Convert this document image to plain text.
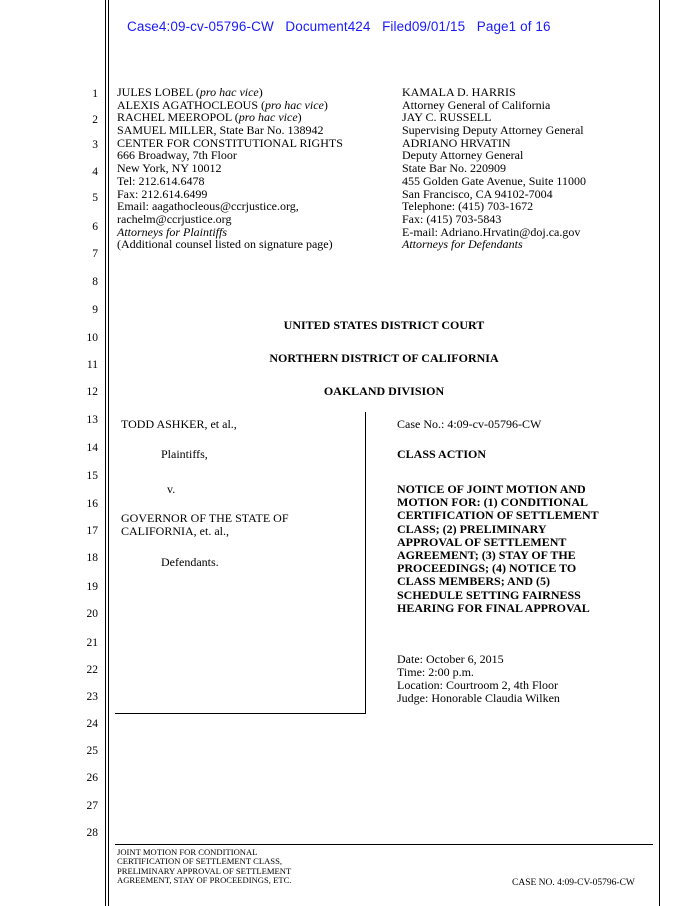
Case4:09-cv-05796-CW   Document424   Filed09/01/15   Page1 of 16
1
2
3
4
5
6
7
8
9
10
11
12
13
14
15
16
17
18
19
20
21
22
23
24
25
26
27
28
JULES LOBEL (pro hac vice)
ALEXIS AGATHOCLEOUS (pro hac vice)
RACHEL MEEROPOL (pro hac vice)
SAMUEL MILLER, State Bar No. 138942
CENTER FOR CONSTITUTIONAL RIGHTS
666 Broadway, 7th Floor
New York, NY 10012
Tel: 212.614.6478
Fax: 212.614.6499
Email: aagathocleous@ccrjustice.org,
rachelm@ccrjustice.org
Attorneys for Plaintiffs
(Additional counsel listed on signature page)
KAMALA D. HARRIS
Attorney General of California
JAY C. RUSSELL
Supervising Deputy Attorney General
ADRIANO HRVATIN
Deputy Attorney General
State Bar No. 220909
455 Golden Gate Avenue, Suite 11000
San Francisco, CA 94102-7004
Telephone: (415) 703-1672
Fax: (415) 703-5843
E-mail: Adriano.Hrvatin@doj.ca.gov
Attorneys for Defendants
UNITED STATES DISTRICT COURT
NORTHERN DISTRICT OF CALIFORNIA
OAKLAND DIVISION
TODD ASHKER, et al.,
Plaintiffs,
v.
GOVERNOR OF THE STATE OF
CALIFORNIA, et. al.,
Defendants.
Case No.: 4:09-cv-05796-CW
CLASS ACTION
NOTICE OF JOINT MOTION AND
MOTION FOR: (1) CONDITIONAL
CERTIFICATION OF SETTLEMENT
CLASS; (2) PRELIMINARY
APPROVAL OF SETTLEMENT
AGREEMENT; (3) STAY OF THE
PROCEEDINGS; (4) NOTICE TO
CLASS MEMBERS; AND (5)
SCHEDULE SETTING FAIRNESS
HEARING FOR FINAL APPROVAL
Date: October 6, 2015
Time: 2:00 p.m.
Location: Courtroom 2, 4th Floor
Judge: Honorable Claudia Wilken
JOINT MOTION FOR CONDITIONAL
CERTIFICATION OF SETTLEMENT CLASS,
PRELIMINARY APPROVAL OF SETTLEMENT
AGREEMENT, STAY OF PROCEEDINGS, ETC.	CASE NO. 4:09-CV-05796-CW
